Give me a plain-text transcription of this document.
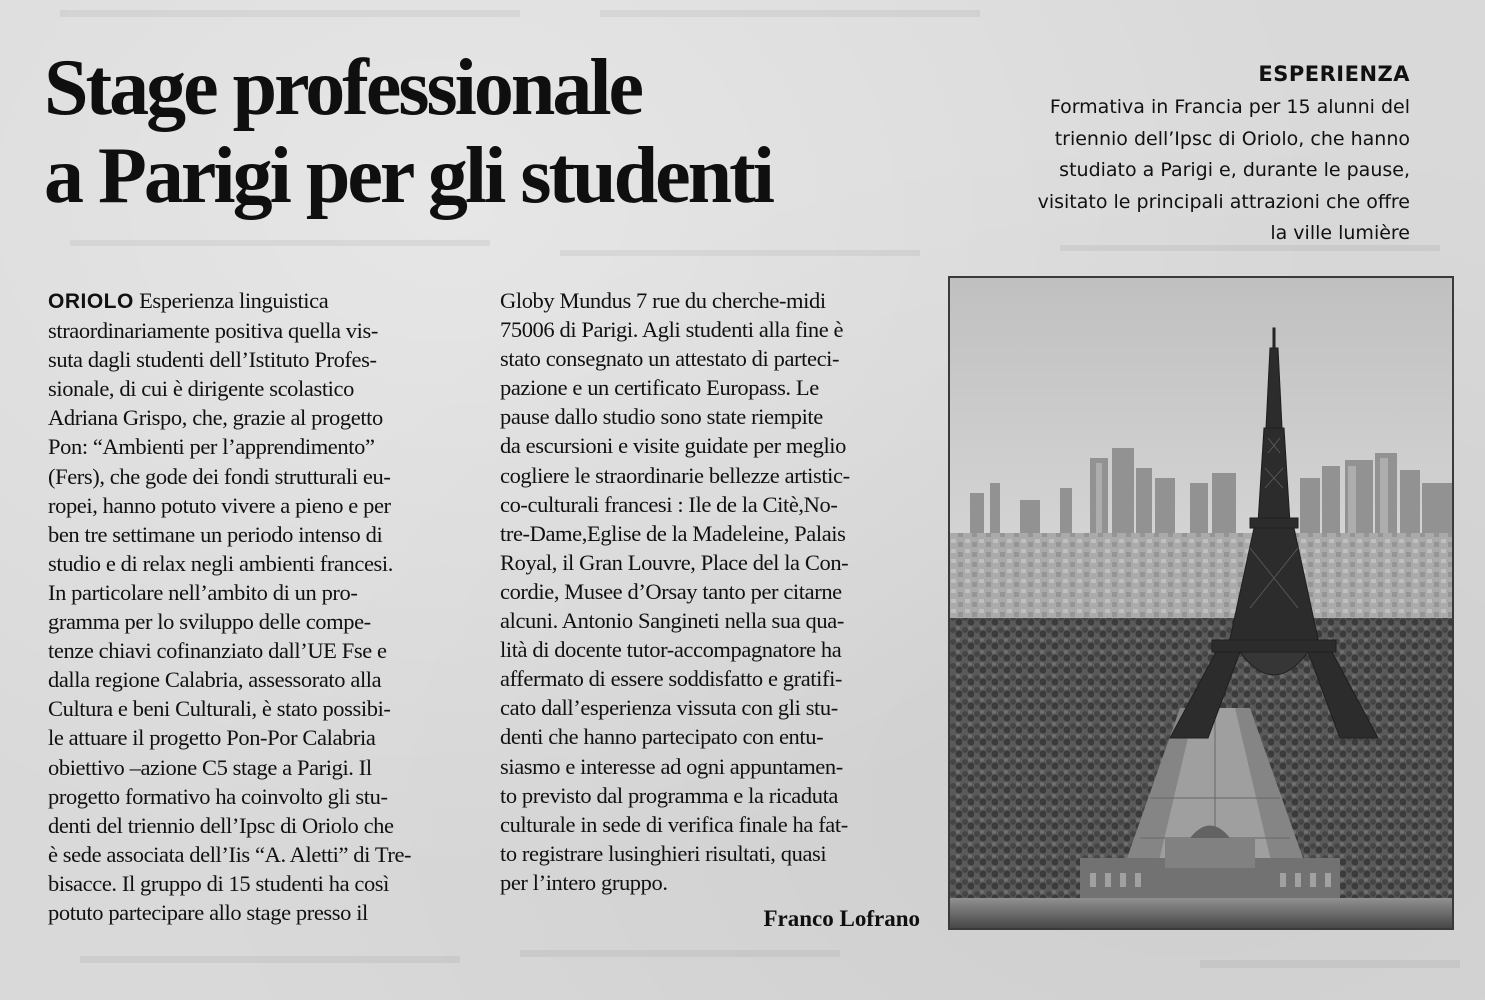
Stage professionale
a Parigi per gli studenti
ESPERIENZA
Formativa in Francia per 15 alunni del
triennio dell’Ipsc di Oriolo, che hanno
studiato a Parigi e, durante le pause,
visitato le principali attrazioni che offre
la ville lumière
ORIOLO Esperienza linguistica
straordinariamente positiva quella vis-
suta dagli studenti dell’Istituto Profes-
sionale, di cui è dirigente scolastico
Adriana Grispo, che, grazie al progetto
Pon: “Ambienti per l’apprendimento”
(Fers), che gode dei fondi strutturali eu-
ropei, hanno potuto vivere a pieno e per
ben tre settimane un periodo intenso di
studio e di relax negli ambienti francesi.
In particolare nell’ambito di un pro-
gramma per lo sviluppo delle compe-
tenze chiavi cofinanziato dall’UE Fse e
dalla regione Calabria, assessorato alla
Cultura e beni Culturali, è stato possibi-
le attuare il progetto Pon-Por Calabria
obiettivo –azione C5 stage a Parigi. Il
progetto formativo ha coinvolto gli stu-
denti del triennio dell’Ipsc di Oriolo che
è sede associata dell’Iis “A. Aletti” di Tre-
bisacce. Il gruppo di 15 studenti ha così
potuto partecipare allo stage presso il
Globy Mundus 7 rue du cherche-midi
75006 di Parigi. Agli studenti alla fine è
stato consegnato un attestato di parteci-
pazione e un certificato Europass. Le
pause dallo studio sono state riempite
da escursioni e visite guidate per meglio
cogliere le straordinarie bellezze artistic-
co-culturali francesi : Ile de la Citè,No-
tre-Dame,Eglise de la Madeleine, Palais
Royal, il Gran Louvre, Place del la Con-
cordie, Musee d’Orsay tanto per citarne
alcuni. Antonio Sangineti nella sua qua-
lità di docente tutor-accompagnatore ha
affermato di essere soddisfatto e gratifi-
cato dall’esperienza vissuta con gli stu-
denti che hanno partecipato con entu-
siasmo e interesse ad ogni appuntamen-
to previsto dal programma e la ricaduta
culturale in sede di verifica finale ha fat-
to registrare lusinghieri risultati, quasi
per l’intero gruppo.
Franco Lofrano
